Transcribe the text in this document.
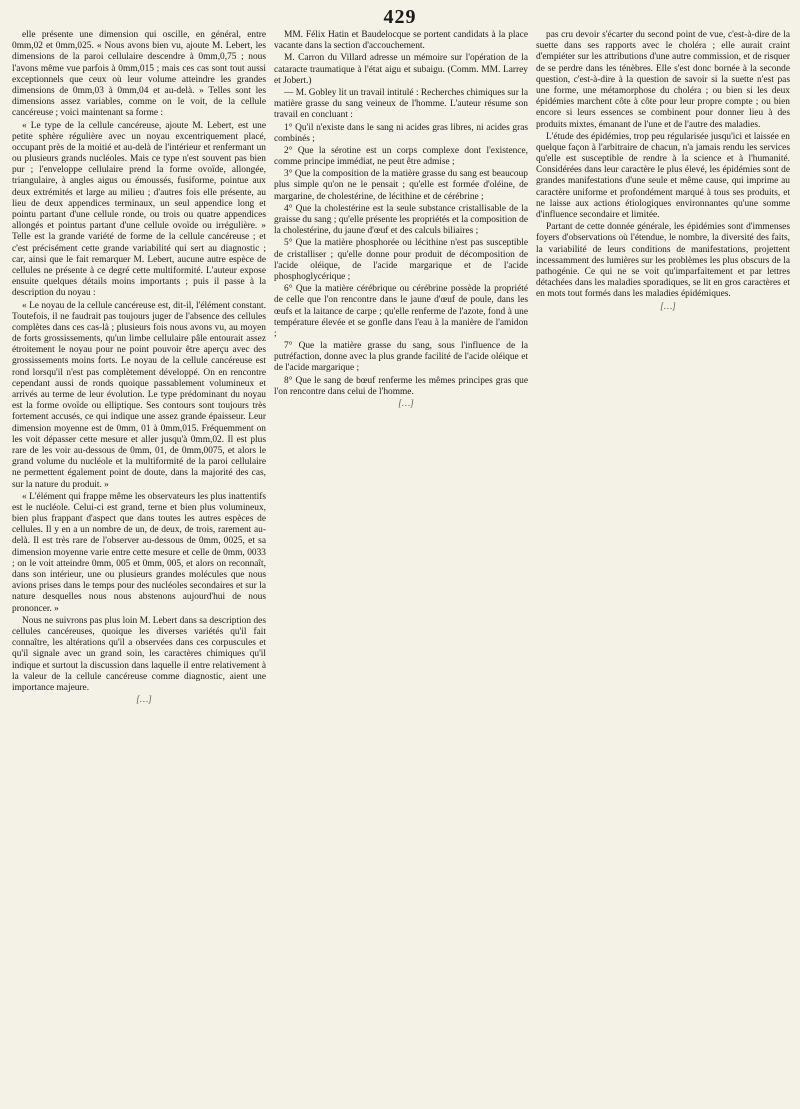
429

elle présente une dimension qui oscille, en général, entre 0mm,02 et 0mm,025. « Nous avons bien vu, ajoute M. Lebert, les dimensions de la paroi cellulaire descendre à 0mm,0,75 ; nous l'avons même vue parfois à 0mm,015 ; mais ces cas sont tout aussi exceptionnels que ceux où leur volume atteindre les grandes dimensions de 0mm,03 à 0mm,04 et au-delà. » Telles sont les dimensions assez variables, comme on le voit, de la cellule cancéreuse ; voici maintenant sa forme :

« Le type de la cellule cancéreuse, ajoute M. Lebert, est une petite sphère régulière avec un noyau excentriquement placé, occupant près de la moitié et au-delà de l'intérieur et renfermant un ou plusieurs grands nucléoles. Mais ce type n'est souvent pas bien pur ; l'enveloppe cellulaire prend la forme ovoïde, allongée, triangulaire, à angles aigus ou émoussés, fusiforme, pointue aux deux extrémités et large au milieu ; d'autres fois elle présente, au lieu de deux appendices terminaux, un seul appendice long et pointu partant d'une cellule ronde, ou trois ou quatre appendices allongés et pointus partant d'une cellule ovoïde ou irrégulière. » Telle est la grande variété de forme de la cellule cancéreuse ; et c'est précisément cette grande variabilité qui sert au diagnostic ; car, ainsi que le fait remarquer M. Lebert, aucune autre espèce de cellules ne présente à ce degré cette multiformité. L'auteur expose ensuite quelques détails moins importants ; puis il passe à la description du noyau :

« Le noyau de la cellule cancéreuse est, dit-il, l'élément constant. Toutefois, il ne faudrait pas toujours juger de l'absence des cellules complètes dans ces cas-là ; plusieurs fois nous avons vu, au moyen de forts grossissements, qu'un limbe cellulaire pâle entourait assez étroitement le noyau pour ne point pouvoir être aperçu avec des grossissements moins forts. Le noyau de la cellule cancéreuse est rond lorsqu'il n'est pas complètement développé. On en rencontre cependant aussi de ronds quoique passablement volumineux et arrivés au terme de leur évolution. Le type prédominant du noyau est la forme ovoïde ou elliptique. Ses contours sont toujours très fortement accusés, ce qui indique une assez grande épaisseur. Leur dimension moyenne est de 0mm, 01 à 0mm,015. Fréquemment on les voit dépasser cette mesure et aller jusqu'à 0mm,02. Il est plus rare de les voir au-dessous de 0mm, 01, de 0mm,0075, et alors le grand volume du nucléole et la multiformité de la paroi cellulaire ne permettent également point de doute, dans la majorité des cas, sur la nature du produit. »

« L'élément qui frappe même les observateurs les plus inattentifs est le nucléole. Celui-ci est grand, terne et bien plus volumineux, bien plus frappant d'aspect que dans toutes les autres espèces de cellules. Il y en a un nombre de un, de deux, de trois, rarement au-delà. Il est très rare de l'observer au-dessous de 0mm, 0025, et sa dimension moyenne varie entre cette mesure et celle de 0mm, 0033 ; on le voit atteindre 0mm, 005 et 0mm, 005, et alors on reconnaît, dans son intérieur, une ou plusieurs grandes molécules que nous avions prises dans le temps pour des nucléoles secondaires et sur la nature desquelles nous nous abstenons aujourd'hui de nous prononcer. »

Nous ne suivrons pas plus loin M. Lebert dans sa description des cellules cancéreuses, quoique les diverses variétés qu'il fait connaître, les altérations qu'il a observées dans ces corpuscules et qu'il signale avec un grand soin, les caractères chimiques qu'il indique et surtout la discussion dans laquelle il entre relativement à la valeur de la cellule cancéreuse comme diagnostic, aient une importance majeure.

[…]

MM. Félix Hatin et Baudelocque se portent candidats à la place vacante dans la section d'accouchement.

M. Carron du Villard adresse un mémoire sur l'opération de la cataracte traumatique à l'état aigu et subaigu. (Comm. MM. Larrey et Jobert.)

— M. Gobley lit un travail intitulé : Recherches chimiques sur la matière grasse du sang veineux de l'homme. L'auteur résume son travail en concluant :

1° Qu'il n'existe dans le sang ni acides gras libres, ni acides gras combinés ;

2° Que la sérotine est un corps complexe dont l'existence, comme principe immédiat, ne peut être admise ;

3° Que la composition de la matière grasse du sang est beaucoup plus simple qu'on ne le pensait ; qu'elle est formée d'oléine, de margarine, de cholestérine, de lécithine et de cérébrine ;

4° Que la cholestérine est la seule substance cristallisable de la graisse du sang ; qu'elle présente les propriétés et la composition de la cholestérine, du jaune d'œuf et des calculs biliaires ;

5° Que la matière phosphorée ou lécithine n'est pas susceptible de cristalliser ; qu'elle donne pour produit de décomposition de l'acide oléique, de l'acide margarique et de l'acide phosphoglycérique ;

6° Que la matière cérébrique ou cérébrine possède la propriété de celle que l'on rencontre dans le jaune d'œuf de poule, dans les œufs et la laitance de carpe ; qu'elle renferme de l'azote, fond à une température élevée et se gonfle dans l'eau à la manière de l'amidon ;

7° Que la matière grasse du sang, sous l'influence de la putréfaction, donne avec la plus grande facilité de l'acide oléique et de l'acide margarique ;

8° Que le sang de bœuf renferme les mêmes principes gras que l'on rencontre dans celui de l'homme.

[…]

pas cru devoir s'écarter du second point de vue, c'est-à-dire de la suette dans ses rapports avec le choléra ; elle aurait craint d'empiéter sur les attributions d'une autre commission, et de risquer de se perdre dans les ténèbres. Elle s'est donc bornée à la seconde question, c'est-à-dire à la question de savoir si la suette n'est pas une forme, une métamorphose du choléra ; ou bien si les deux épidémies marchent côte à côte pour leur propre compte ; ou bien encore si leurs essences se combinent pour donner lieu à des produits mixtes, émanant de l'une et de l'autre des maladies.

L'étude des épidémies, trop peu régularisée jusqu'ici et laissée en quelque façon à l'arbitraire de chacun, n'a jamais rendu les services qu'elle est susceptible de rendre à la science et à l'humanité. Considérées dans leur caractère le plus élevé, les épidémies sont de grandes manifestations d'une seule et même cause, qui imprime au caractère uniforme et profondément marqué à tous ses produits, et ne laisse aux actions étiologiques environnantes qu'une somme d'influence secondaire et limitée.

Partant de cette donnée générale, les épidémies sont d'immenses foyers d'observations où l'étendue, le nombre, la diversité des faits, la variabilité de leurs conditions de manifestations, projettent incessamment des lumières sur les problèmes les plus obscurs de la pathogénie. Ce qui ne se voit qu'imparfaitement et par lettres détachées dans les maladies sporadiques, se lit en gros caractères et en mots tout formés dans les maladies épidémiques.

[…]
